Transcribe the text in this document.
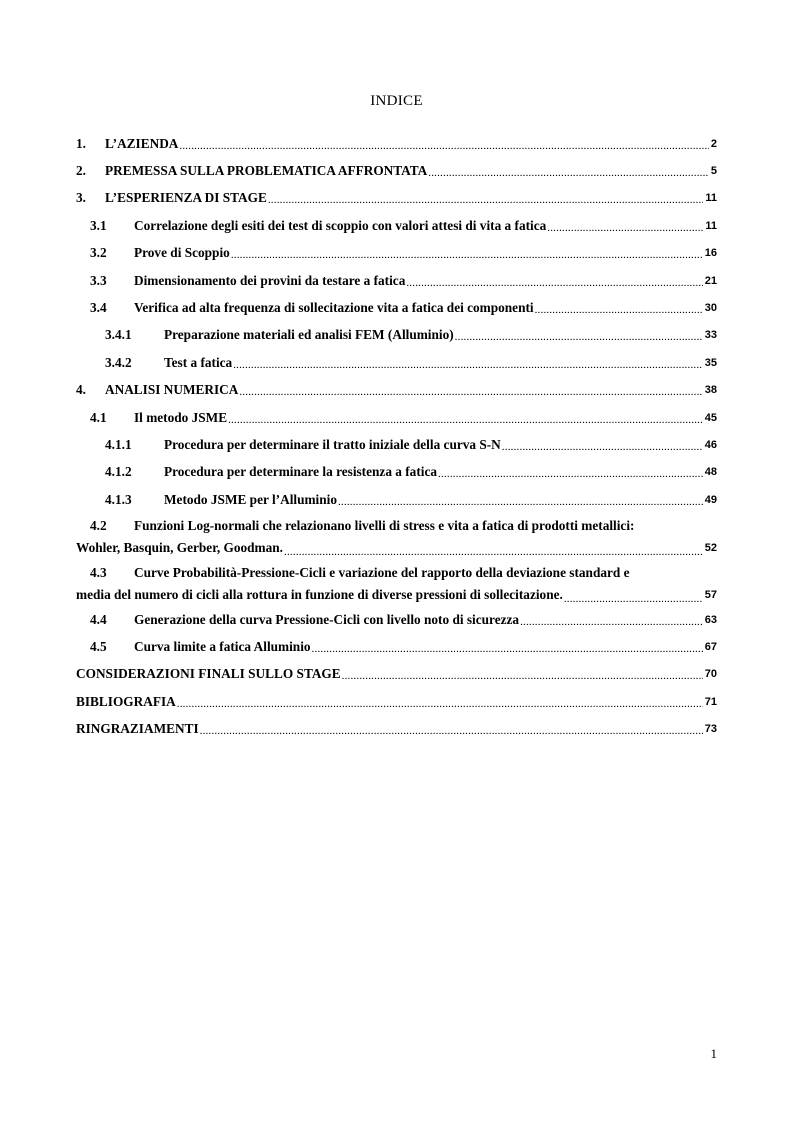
INDICE
1.	L’AZIENDA .....	2
2.	PREMESSA SULLA PROBLEMATICA AFFRONTATA .....	5
3.	L’ESPERIENZA DI STAGE .....	11
3.1	Correlazione degli esiti dei test di scoppio con valori attesi di vita a fatica .....	11
3.2	Prove di Scoppio .....	16
3.3	Dimensionamento dei provini da testare a fatica .....	21
3.4	Verifica ad alta frequenza di sollecitazione vita a fatica dei componenti .....	30
3.4.1	Preparazione materiali ed analisi FEM (Alluminio) .....	33
3.4.2	Test a fatica .....	35
4.	ANALISI NUMERICA .....	38
4.1	Il metodo JSME .....	45
4.1.1	Procedura per determinare il tratto iniziale della curva S-N .....	46
4.1.2	Procedura per determinare la resistenza a fatica .....	48
4.1.3	Metodo JSME per l’Alluminio .....	49
4.2	Funzioni Log-normali che relazionano livelli di stress e vita a fatica di prodotti metallici:
Wohler, Basquin, Gerber, Goodman. .....	52
4.3	Curve Probabilità-Pressione-Cicli e variazione del rapporto della deviazione standard e
media del numero di cicli alla rottura in funzione di diverse pressioni di sollecitazione. .....	57
4.4	Generazione della curva Pressione-Cicli con livello noto di sicurezza .....	63
4.5	Curva limite a fatica Alluminio .....	67
CONSIDERAZIONI FINALI SULLO STAGE .....	70
BIBLIOGRAFIA .....	71
RINGRAZIAMENTI .....	73
1
